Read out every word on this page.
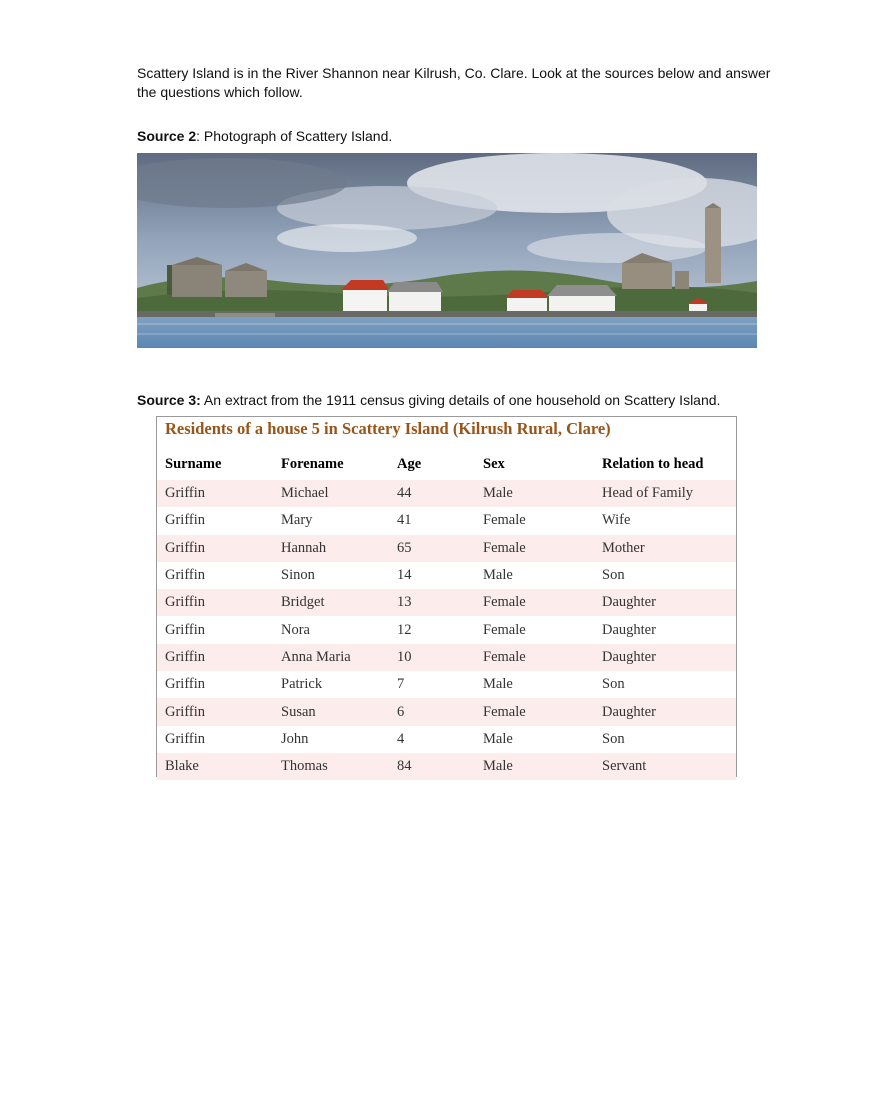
Scattery Island is in the River Shannon near Kilrush, Co. Clare. Look at the sources below and answer the questions which follow.

Source 2: Photograph of Scattery Island.

Source 3: An extract from the 1911 census giving details of one household on Scattery Island.

Residents of a house 5 in Scattery Island (Kilrush Rural, Clare)

Surname	Forename	Age	Sex	Relation to head

Griffin	Michael	44	Male	Head of Family
Griffin	Mary	41	Female	Wife
Griffin	Hannah	65	Female	Mother
Griffin	Sinon	14	Male	Son
Griffin	Bridget	13	Female	Daughter
Griffin	Nora	12	Female	Daughter
Griffin	Anna Maria	10	Female	Daughter
Griffin	Patrick	7	Male	Son
Griffin	Susan	6	Female	Daughter
Griffin	John	4	Male	Son
Blake	Thomas	84	Male	Servant
